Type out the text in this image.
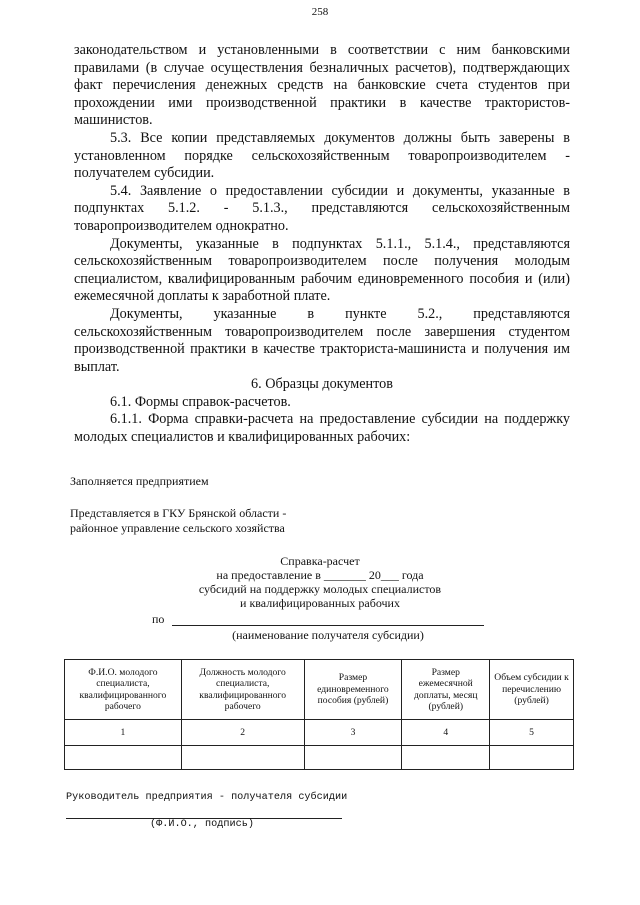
258

законодательством и установленными в соответствии с ним банковскими правилами (в случае осуществления безналичных расчетов), подтверждающих факт перечисления денежных средств на банковские счета студентов при прохождении ими производственной практики в качестве трактористов-машинистов.

5.3. Все копии представляемых документов должны быть заверены в установленном порядке сельскохозяйственным товаропроизводителем - получателем субсидии.

5.4. Заявление о предоставлении субсидии и документы, указанные в подпунктах 5.1.2. - 5.1.3., представляются сельскохозяйственным товаропроизводителем однократно.

Документы, указанные в подпунктах 5.1.1., 5.1.4., представляются сельскохозяйственным товаропроизводителем после получения молодым специалистом, квалифицированным рабочим единовременного пособия и (или) ежемесячной доплаты к заработной плате.

Документы, указанные в пункте 5.2., представляются сельскохозяйственным товаропроизводителем после завершения студентом производственной практики в качестве тракториста-машиниста и получения им выплат.

6. Образцы документов

6.1. Формы справок-расчетов.

6.1.1. Форма справки-расчета на предоставление субсидии на поддержку молодых специалистов и квалифицированных рабочих:

Заполняется предприятием
Представляется в ГКУ Брянской области -
районное управление сельского хозяйства
Справка-расчет
на предоставление в _______ 20___ года
субсидий на поддержку молодых специалистов
и квалифицированных рабочих
по
(наименование получателя субсидии)
Ф.И.О. молодого специалиста, квалифицированного рабочего	Должность молодого специалиста, квалифицированного рабочего	Размер единовременного пособия (рублей)	Размер ежемесячной доплаты, месяц (рублей)	Объем субсидии к перечислению (рублей)
1	2	3	4	5

Руководитель предприятия - получателя субсидии
(Ф.И.О., подпись)
